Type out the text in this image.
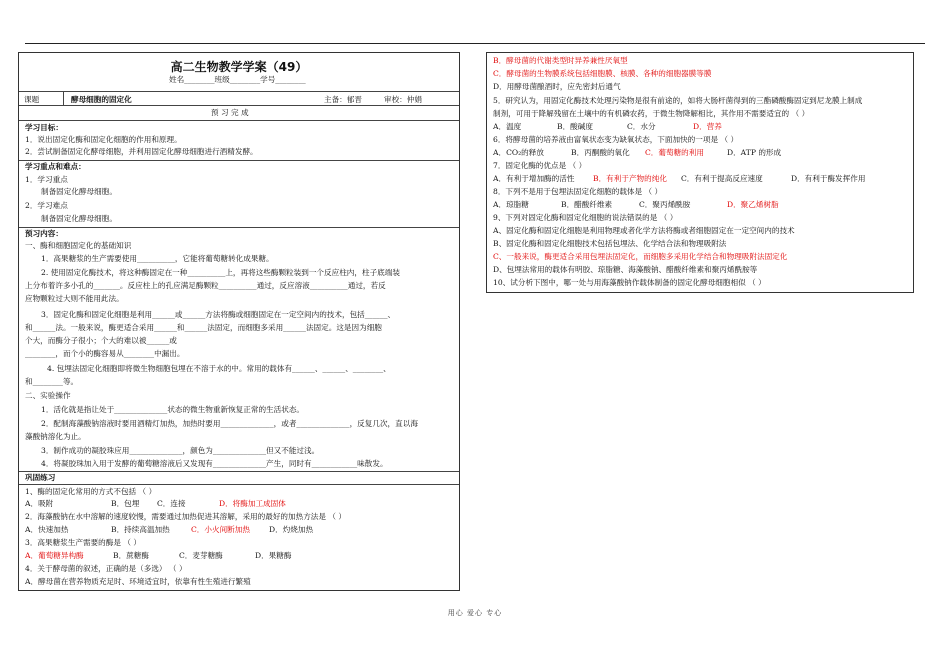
高二生物教学学案（49）
姓名________班级________学号________
课题	酵母细胞的固定化	主备：郁晋	审校：仲娟
预 习 完 成
学习目标：
1．说出固定化酶和固定化细胞的作用和原理。
2．尝试制备固定化酵母细胞，并利用固定化酵母细胞进行酒精发酵。
学习重点和难点：
1．学习重点
制备固定化酵母细胞。
2．学习难点
制备固定化酵母细胞。
预习内容：
一、酶和细胞固定化的基础知识
1．高果糖浆的生产需要使用__________，它能将葡萄糖转化成果糖。
2. 使用固定化酶技术，将这种酶固定在一种__________上，再将这些酶颗粒装到一个反应柱内，柱子底端装
上分布着许多小孔的_______。反应柱上的孔应满足酶颗粒__________通过，反应溶液__________通过，若反
应物颗粒过大则不能用此法。
3．固定化酶和固定化细胞是利用______或______方法将酶或细胞固定在一定空间内的技术，包括______、
和______法。一般来说，酶更适合采用______和______法固定，而细胞多采用______法固定。这是因为细胞
个大，而酶分子很小；个大的难以被______或
________，而个小的酶容易从________中漏出。
4. 包埋法固定化细胞即将微生物细胞包埋在不溶于水的中。常用的载体有______、______、________、
和________等。
二、实验操作
1．活化就是指让处于______________状态的微生物重新恢复正常的生活状态。
2．配制海藻酸钠溶液时要用酒精灯加热，加热时要用______________，或者______________，反复几次，直以海
藻酸钠溶化为止。
3．制作成功的凝胶珠应用______________，颜色为______________但又不能过浅。
4．将凝胶珠加入用于发酵的葡萄糖溶液后又发现有______________产生，同时有____________味散发。
巩固练习
1、酶的固定化常用的方式不包括 （ ）
A．吸附	B．包埋 C．连接	D．将酶加工成固体
2．海藻酸钠在水中溶解的速度较慢，需要通过加热促进其溶解，采用的最好的加热方法是 （ ）
A．快速加热	B．持续高温加热	C．小火间断加热	D．灼烧加热
3．高果糖浆生产需要的酶是 （ ）
A．葡萄糖异构酶	B．蔗糖酶	C．麦芽糖酶	D．果糖酶
4．关于酵母菌的叙述，正确的是（多选） （ ）
A．酵母菌在营养物质充足时、环境适宜时，依靠有性生殖进行繁殖
B．酵母菌的代谢类型时异养兼性厌氧型
C．酵母菌的生物膜系统包括细胞膜、核膜、各种的细胞器膜等膜
D．用酵母菌酿酒时，应先密封后通气
5．研究认为，用固定化酶技术处理污染物是很有前途的，如将大肠杆菌得到的三酯磷酸酶固定到尼龙膜上制成
制剂，可用于降解残留在土壤中的有机磷农药，于微生物降解相比，其作用不需要适宜的 （ ）
A．温度	B．酸碱度	C．水分	D．营养
6．将酵母菌的培养液由富氧状态变为缺氧状态，下面加快的一项是 （ ）
A．CO₂的释放	B．丙酮酸的氧化 C．葡萄糖的利用	D．ATP 的形成
7．固定化酶的优点是 （ ）
A．有利于增加酶的活性 B．有利于产物的纯化 C．有利于提高反应速度	D．有利于酶发挥作用
8．下列不是用于包埋法固定化细胞的载体是 （ ）
A．琼脂糖	B．醋酸纤维素	C．聚丙烯酰胺	D．聚乙烯树脂
9、下列对固定化酶和固定化细胞的说法错误的是 （ ）
A、固定化酶和固定化细胞是利用物理或者化学方法将酶或者细胞固定在一定空间内的技术
B、固定化酶和固定化细胞技术包括包埋法、化学结合法和物理吸附法
C、一般来说，酶更适合采用包埋法固定化，而细胞多采用化学结合和物理吸附法固定化
D、包埋法常用的载体有明胶、琼脂糖、海藻酸钠、醋酸纤维素和聚丙烯酰胺等
10、试分析下图中，哪一处与用海藻酸钠作载体制备的固定化酵母细胞相似 （ ）
用心 爱心 专心
